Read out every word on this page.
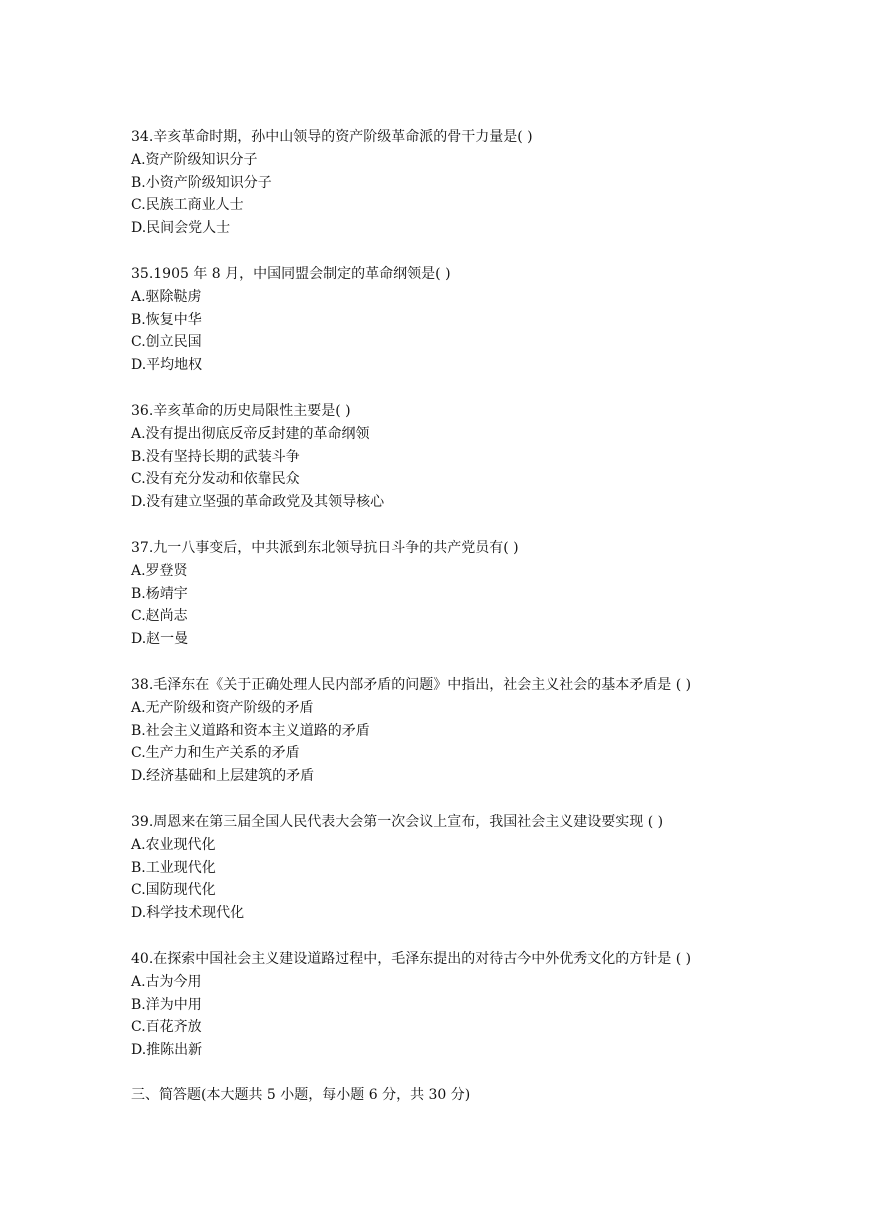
34.辛亥革命时期，孙中山领导的资产阶级革命派的骨干力量是( )
A.资产阶级知识分子
B.小资产阶级知识分子
C.民族工商业人士
D.民间会党人士
35.1905 年 8 月，中国同盟会制定的革命纲领是( )
A.驱除鞑虏
B.恢复中华
C.创立民国
D.平均地权
36.辛亥革命的历史局限性主要是( )
A.没有提出彻底反帝反封建的革命纲领
B.没有坚持长期的武装斗争
C.没有充分发动和依靠民众
D.没有建立坚强的革命政党及其领导核心
37.九一八事变后，中共派到东北领导抗日斗争的共产党员有( )
A.罗登贤
B.杨靖宇
C.赵尚志
D.赵一曼
38.毛泽东在《关于正确处理人民内部矛盾的问题》中指出，社会主义社会的基本矛盾是 ( )
A.无产阶级和资产阶级的矛盾
B.社会主义道路和资本主义道路的矛盾
C.生产力和生产关系的矛盾
D.经济基础和上层建筑的矛盾
39.周恩来在第三届全国人民代表大会第一次会议上宣布，我国社会主义建设要实现 ( )
A.农业现代化
B.工业现代化
C.国防现代化
D.科学技术现代化
40.在探索中国社会主义建设道路过程中，毛泽东提出的对待古今中外优秀文化的方针是 ( )
A.古为今用
B.洋为中用
C.百花齐放
D.推陈出新
三、简答题(本大题共 5 小题，每小题 6 分，共 30 分)
